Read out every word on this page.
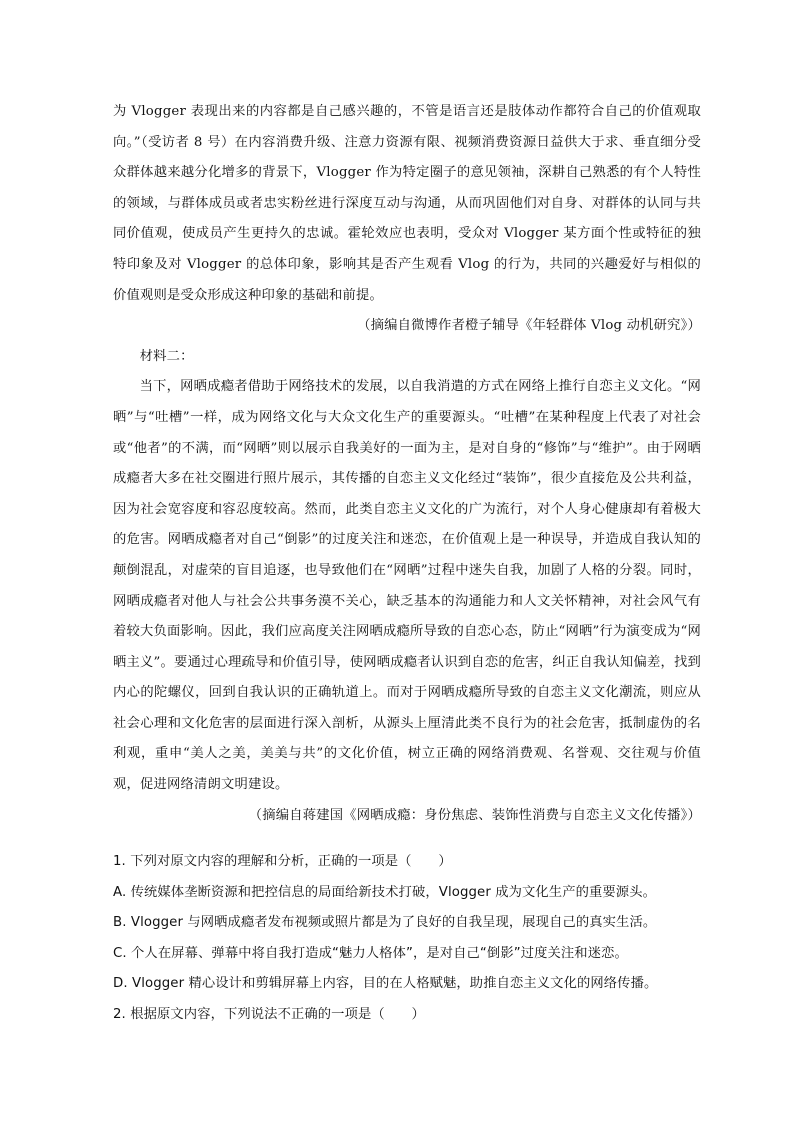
为 Vlogger 表现出来的内容都是自己感兴趣的，不管是语言还是肢体动作都符合自己的价值观取向。”（受访者 8 号）在内容消费升级、注意力资源有限、视频消费资源日益供大于求、垂直细分受众群体越来越分化增多的背景下，Vlogger 作为特定圈子的意见领袖，深耕自己熟悉的有个人特性的领域，与群体成员或者忠实粉丝进行深度互动与沟通，从而巩固他们对自身、对群体的认同与共同价值观，使成员产生更持久的忠诚。霍轮效应也表明，受众对 Vlogger 某方面个性或特征的独特印象及对 Vlogger 的总体印象，影响其是否产生观看 Vlog 的行为，共同的兴趣爱好与相似的价值观则是受众形成这种印象的基础和前提。

（摘编自微博作者橙子辅导《年轻群体 Vlog 动机研究》）

材料二：

当下，网晒成瘾者借助于网络技术的发展，以自我消遣的方式在网络上推行自恋主义文化。“网晒”与“吐槽”一样，成为网络文化与大众文化生产的重要源头。“吐槽”在某种程度上代表了对社会或“他者”的不满，而“网晒”则以展示自我美好的一面为主，是对自身的“修饰”与“维护”。由于网晒成瘾者大多在社交圈进行照片展示，其传播的自恋主义文化经过“装饰”，很少直接危及公共利益，因为社会宽容度和容忍度较高。然而，此类自恋主义文化的广为流行，对个人身心健康却有着极大的危害。网晒成瘾者对自己“倒影”的过度关注和迷恋，在价值观上是一种误导，并造成自我认知的颠倒混乱，对虚荣的盲目追逐，也导致他们在“网晒”过程中迷失自我，加剧了人格的分裂。同时，网晒成瘾者对他人与社会公共事务漠不关心，缺乏基本的沟通能力和人文关怀精神，对社会风气有着较大负面影响。因此，我们应高度关注网晒成瘾所导致的自恋心态，防止“网晒”行为演变成为“网晒主义”。要通过心理疏导和价值引导，使网晒成瘾者认识到自恋的危害，纠正自我认知偏差，找到内心的陀螺仪，回到自我认识的正确轨道上。而对于网晒成瘾所导致的自恋主义文化潮流，则应从社会心理和文化危害的层面进行深入剖析，从源头上厘清此类不良行为的社会危害，抵制虚伪的名利观，重申“美人之美，美美与共”的文化价值，树立正确的网络消费观、名誉观、交往观与价值观，促进网络清朗文明建设。

（摘编自蒋建国《网晒成瘾：身份焦虑、装饰性消费与自恋主义文化传播》）

1. 下列对原文内容的理解和分析，正确的一项是（　　）

A. 传统媒体垄断资源和把控信息的局面给新技术打破，Vlogger 成为文化生产的重要源头。

B. Vlogger 与网晒成瘾者发布视频或照片都是为了良好的自我呈现，展现自己的真实生活。

C. 个人在屏幕、弹幕中将自我打造成“魅力人格体”，是对自己“倒影”过度关注和迷恋。

D. Vlogger 精心设计和剪辑屏幕上内容，目的在人格赋魅，助推自恋主义文化的网络传播。

2. 根据原文内容，下列说法不正确的一项是（　　）
